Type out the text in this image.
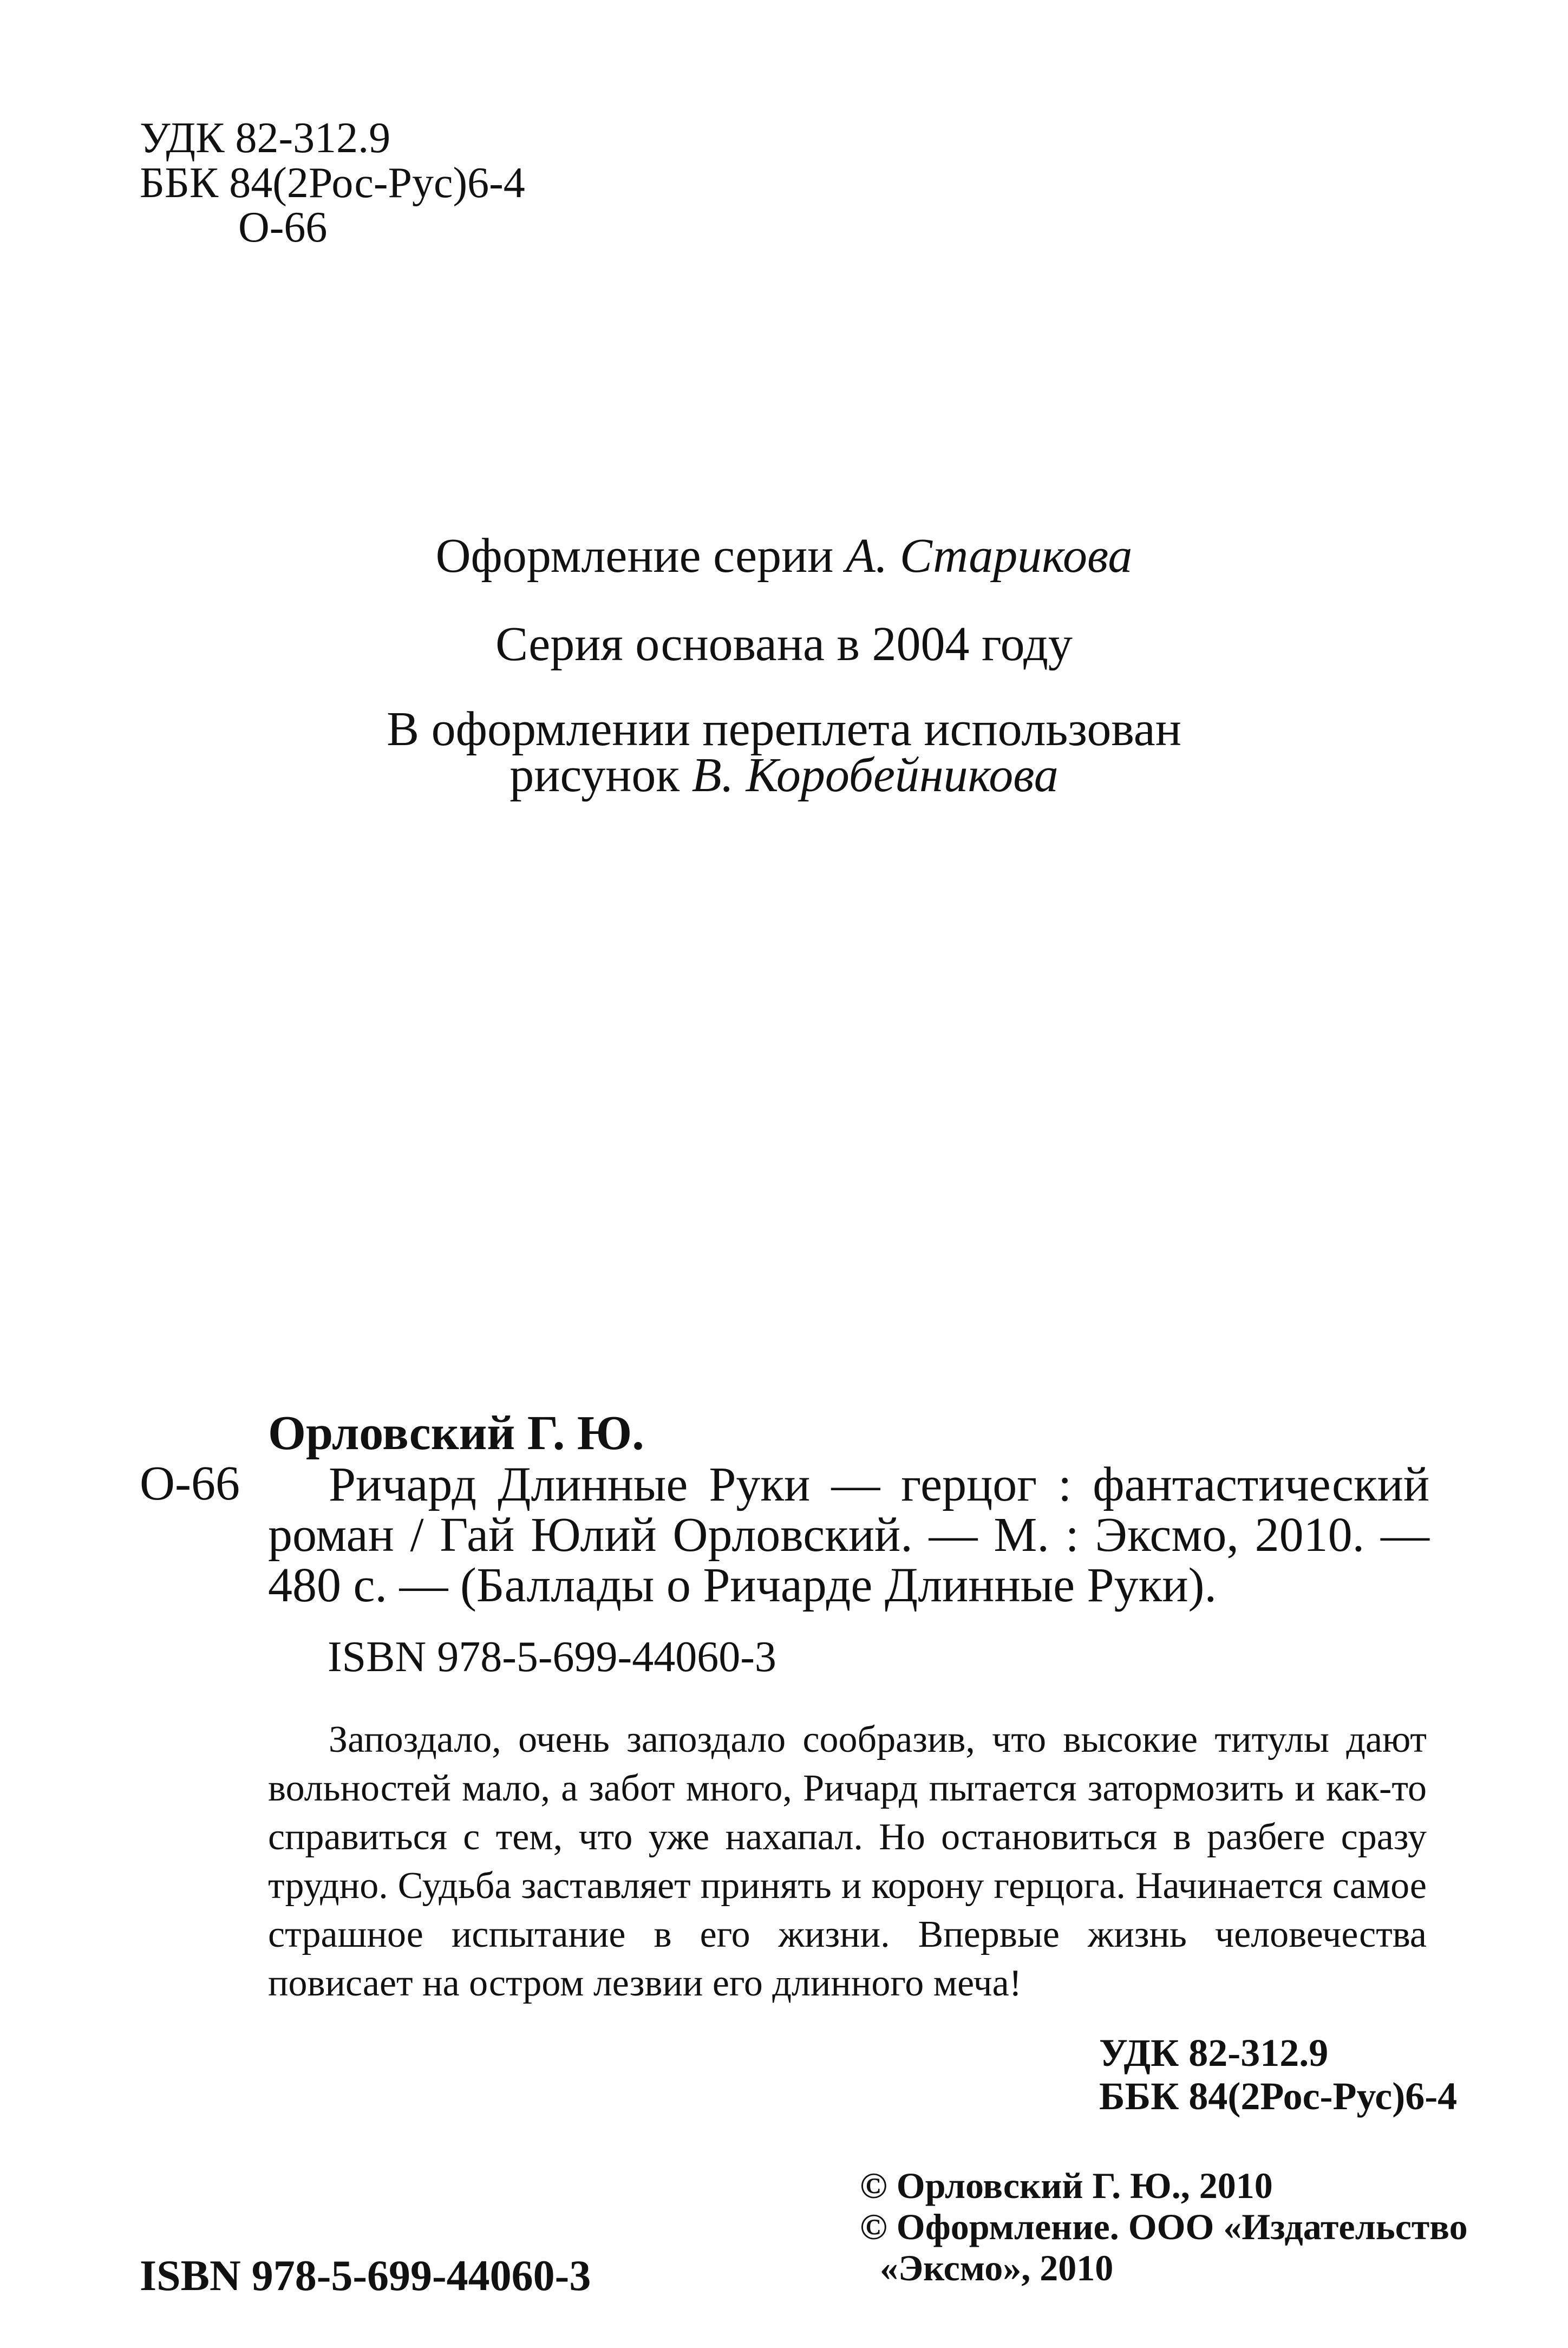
УДК 82-312.9

ББК 84(2Рос-Рус)6-4

О-66

Оформление серии А. Старикова

Серия основана в 2004 году

В оформлении переплета использован

рисунок В. Коробейникова

Орловский Г. Ю.

О-66	Ричард Длинные Руки — герцог : фантастический роман / Гай Юлий Орловский. — М. : Эксмо, 2010. — 480 с. — (Баллады о Ричарде Длинные Руки).

ISBN 978-5-699-44060-3

Запоздало, очень запоздало сообразив, что высокие титулы дают вольностей мало, а забот много, Ричард пытается затормозить и как-то справиться с тем, что уже нахапал. Но остановиться в разбеге сразу трудно. Судьба заставляет принять и корону герцога. Начинается самое страшное испытание в его жизни. Впервые жизнь человечества повисает на остром лезвии его длинного меча!

УДК 82-312.9

ББК 84(2Рос-Рус)6-4

© Орловский Г. Ю., 2010

© Оформление. ООО «Издательство

«Эксмо», 2010

ISBN 978-5-699-44060-3
